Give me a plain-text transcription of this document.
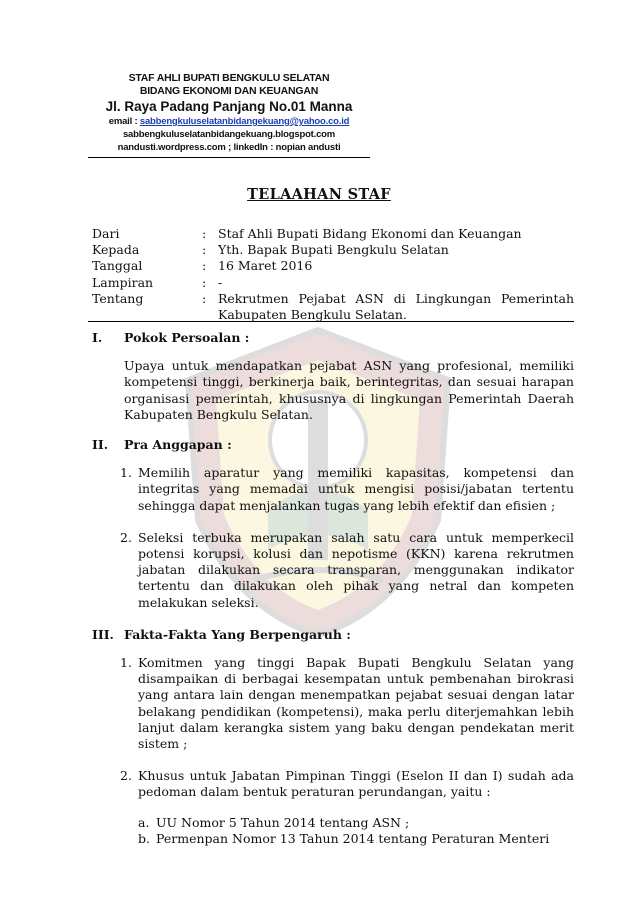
STAF AHLI BUPATI BENGKULU SELATAN
BIDANG EKONOMI DAN KEUANGAN
Jl. Raya Padang Panjang No.01 Manna
email : sabbengkuluselatanbidangekuang@yahoo.co.id
sabbengkuluselatanbidangekuang.blogspot.com
nandusti.wordpress.com ; linkedIn : nopian andusti
TELAAHAN STAF
Dari	: Staf Ahli Bupati Bidang Ekonomi dan Keuangan
Kepada	: Yth. Bapak Bupati Bengkulu Selatan
Tanggal	: 16 Maret 2016
Lampiran	: -
Tentang	: Rekrutmen Pejabat ASN di Lingkungan Pemerintah Kabupaten Bengkulu Selatan.
I.	Pokok Persoalan :
Upaya untuk mendapatkan pejabat ASN yang profesional, memiliki kompetensi tinggi, berkinerja baik, berintegritas, dan sesuai harapan organisasi pemerintah, khususnya di lingkungan Pemerintah Daerah Kabupaten Bengkulu Selatan.
II.	Pra Anggapan :
1. Memilih aparatur yang memiliki kapasitas, kompetensi dan integritas yang memadai untuk mengisi posisi/jabatan tertentu sehingga dapat menjalankan tugas yang lebih efektif dan efisien ;
2. Seleksi terbuka merupakan salah satu cara untuk memperkecil potensi korupsi, kolusi dan nepotisme (KKN) karena rekrutmen jabatan dilakukan secara transparan, menggunakan indikator tertentu dan dilakukan oleh pihak yang netral dan kompeten melakukan seleksi.
III. Fakta-Fakta Yang Berpengaruh :
1. Komitmen yang tinggi Bapak Bupati Bengkulu Selatan yang disampaikan di berbagai kesempatan untuk pembenahan birokrasi yang antara lain dengan menempatkan pejabat sesuai dengan latar belakang pendidikan (kompetensi), maka perlu diterjemahkan lebih lanjut dalam kerangka sistem yang baku dengan pendekatan merit sistem ;
2. Khusus untuk Jabatan Pimpinan Tinggi (Eselon II dan I) sudah ada pedoman dalam bentuk peraturan perundangan, yaitu :
a. UU Nomor 5 Tahun 2014 tentang ASN ;
b. Permenpan Nomor 13 Tahun 2014 tentang Peraturan Menteri
